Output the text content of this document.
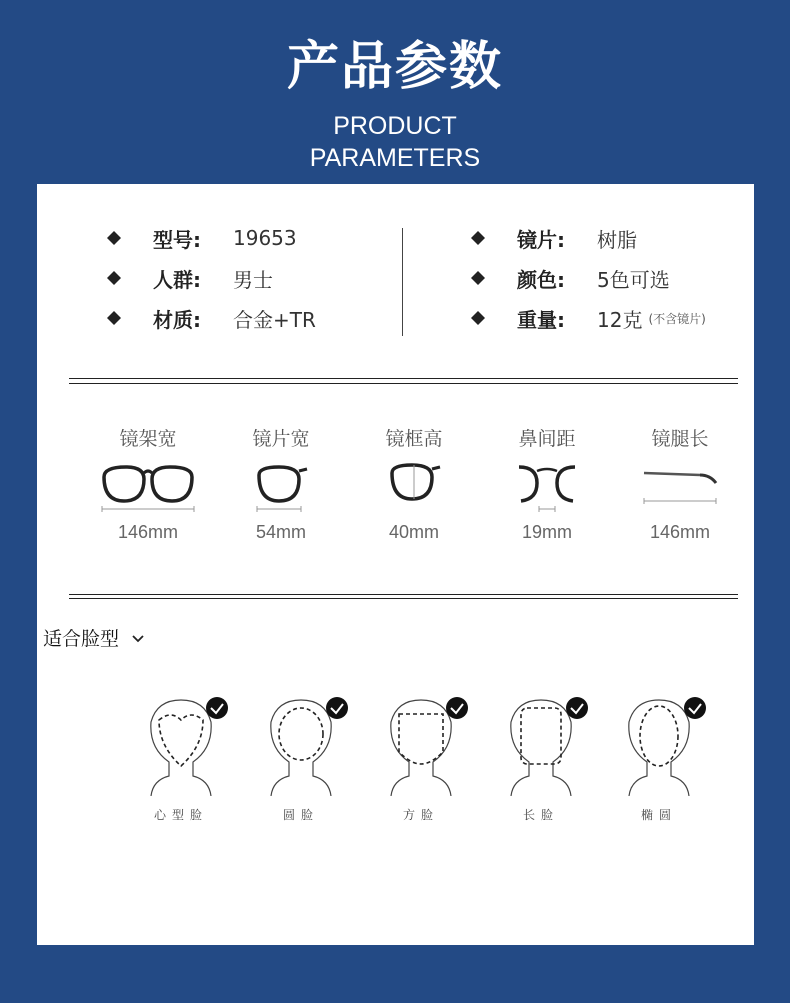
产品参数
PRODUCT
PARAMETERS
型号:	19653
人群:	男士
材质:	合金+TR
镜片:	树脂
颜色:	5色可选
重量:	12克 (不含镜片)
镜架宽
146mm
镜片宽
54mm
镜框高
40mm
鼻间距
19mm
镜腿长
146mm
适合脸型
心型脸	圆脸	方脸	长脸	椭圆
